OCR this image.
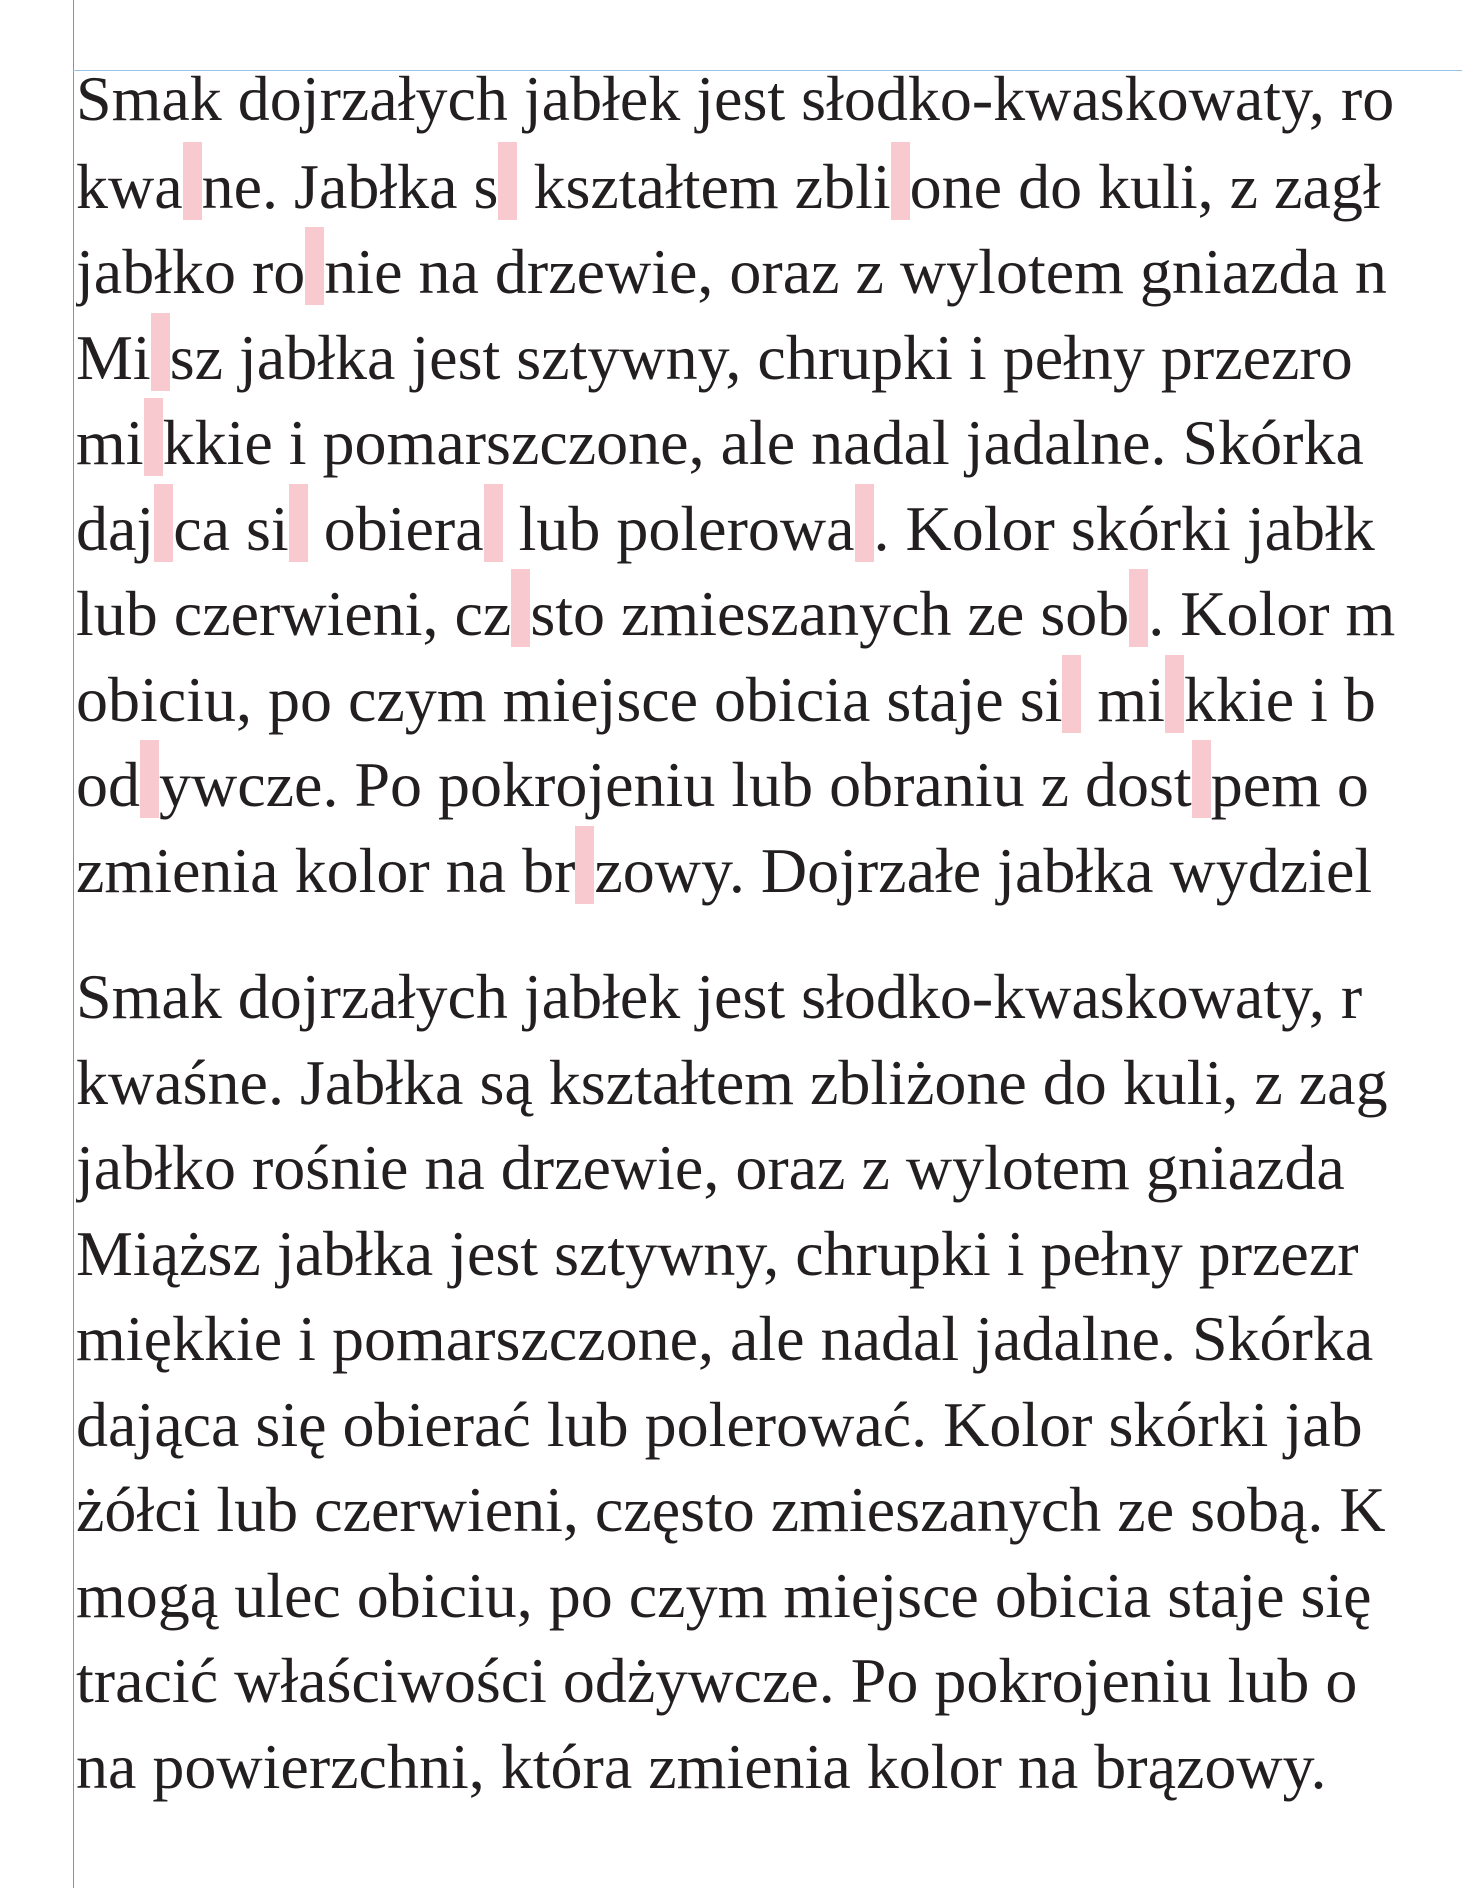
Smak dojrzałych jabłek jest słodko-kwaskowaty, ro
kwa ne. Jabłka s kształtem zbli one do kuli, z zagł
jabłko ro nie na drzewie, oraz z wylotem gniazda n
Mi sz jabłka jest sztywny, chrupki i pełny przezro
mi kkie i pomarszczone, ale nadal jadalne. Skórka
daj ca si obiera lub polerowa . Kolor skórki jabłk
lub czerwieni, cz sto zmieszanych ze sob . Kolor m
obiciu, po czym miejsce obicia staje si mi kkie i b
od ywcze. Po pokrojeniu lub obraniu z dost pem o
zmienia kolor na br zowy. Dojrzałe jabłka wydziel
Smak dojrzałych jabłek jest słodko-kwaskowaty, r
kwaśne. Jabłka są kształtem zbliżone do kuli, z zag
jabłko rośnie na drzewie, oraz z wylotem gniazda
Miąższ jabłka jest sztywny, chrupki i pełny przezr
miękkie i pomarszczone, ale nadal jadalne. Skórka
dająca się obierać lub polerować. Kolor skórki jab
żółci lub czerwieni, często zmieszanych ze sobą. K
mogą ulec obiciu, po czym miejsce obicia staje się
tracić właściwości odżywcze. Po pokrojeniu lub o
na powierzchni, która zmienia kolor na brązowy.
